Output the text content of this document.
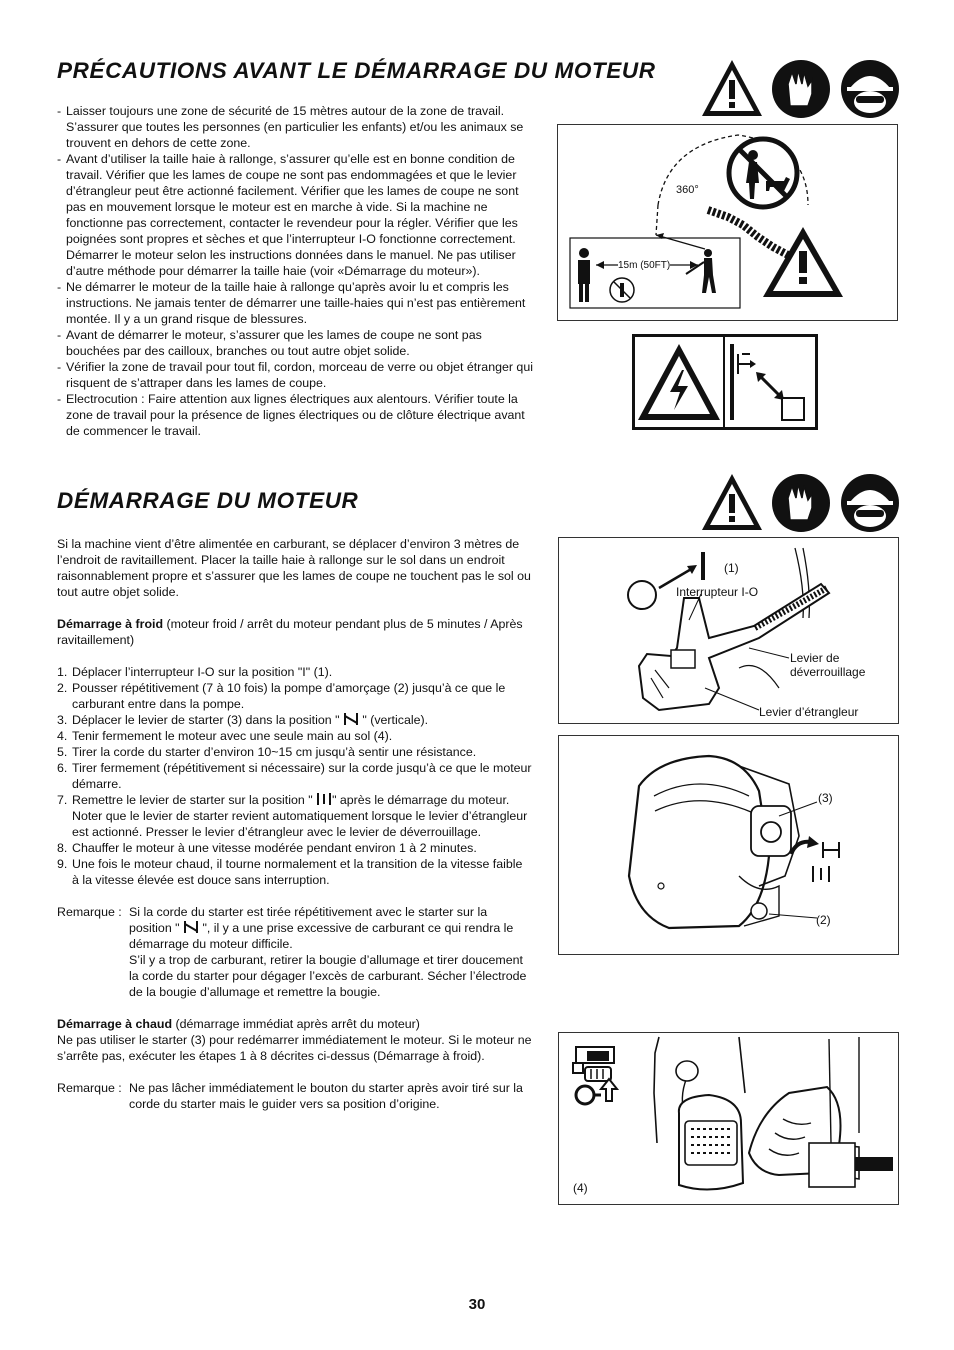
PRÉCAUTIONS AVANT LE DÉMARRAGE DU MOTEUR
- Laisser toujours une zone de sécurité de 15 mètres autour de la zone de travail. S’assurer que toutes les personnes (en particulier les enfants) et/ou les animaux se trouvent en dehors de cette zone.
- Avant d’utiliser la taille haie à rallonge, s’assurer qu’elle est en bonne condition de travail. Vérifier que les lames de coupe ne sont pas endommagées et que le levier d’étrangleur peut être actionné facilement. Vérifier que les lames de coupe ne sont pas en mouvement lorsque le moteur est en marche à vide. Si la machine ne fonctionne pas correctement, contacter le revendeur pour la régler. Vérifier que les poignées sont propres et sèches et que l’interrupteur I-O fonctionne correctement. Démarrer le moteur selon les instructions données dans le manuel. Ne pas utiliser d’autre méthode pour démarrer la taille haie (voir «Démarrage du moteur»).
- Ne démarrer le moteur de la taille haie à rallonge qu’après avoir lu et compris les instructions. Ne jamais tenter de démarrer une taille-haies qui n’est pas entièrement montée. Il y a un grand risque de blessures.
- Avant de démarrer le moteur, s’assurer que les lames de coupe ne sont pas bouchées par des cailloux, branches ou tout autre objet solide.
- Vérifier la zone de travail pour tout fil, cordon, morceau de verre ou objet étranger qui risquent de s’attraper dans les lames de coupe.
- Electrocution : Faire attention aux lignes électriques aux alentours. Vérifier toute la zone de travail pour la présence de lignes électriques ou de clôture électrique avant de commencer le travail.
360°
15m (50FT)
DÉMARRAGE DU MOTEUR

Si la machine vient d’être alimentée en carburant, se déplacer d’environ 3 mètres de l’endroit de ravitaillement. Placer la taille haie à rallonge sur le sol dans un endroit raisonnablement propre et s’assurer que les lames de coupe ne touchent pas le sol ou tout autre objet solide.

Démarrage à froid (moteur froid / arrêt du moteur pendant plus de 5 minutes / Après ravitaillement)

1. Déplacer l’interrupteur I-O sur la position "I" (1).
2. Pousser répétitivement (7 à 10 fois) la pompe d’amorçage (2) jusqu’à ce que le carburant entre dans la pompe.
3. Déplacer le levier de starter (3) dans la position "  " (verticale).
4. Tenir fermement le moteur avec une seule main au sol (4).
5. Tirer la corde du starter d’environ 10~15 cm jusqu’à sentir une résistance.
6. Tirer fermement (répétitivement si nécessaire) sur la corde jusqu’à ce que le moteur démarre.
7. Remettre le levier de starter sur la position " " après le démarrage du moteur. Noter que le levier de starter revient automatiquement lorsque le levier d’étrangleur est actionné. Presser le levier d’étrangleur avec le levier de déverrouillage.
8. Chauffer le moteur à une vitesse modérée pendant environ 1 à 2 minutes.
9. Une fois le moteur chaud, il tourne normalement et la transition de la vitesse faible à la vitesse élevée est douce sans interruption.
Remarque : Si la corde du starter est tirée répétitivement avec le starter sur la position "  ", il y a une prise excessive de carburant ce qui rendra le démarrage du moteur difficile.

S’il y a trop de carburant, retirer la bougie d’allumage et tirer doucement la corde du starter pour dégager l’excès de carburant. Sécher l’électrode de la bougie d’allumage et remettre la bougie.

Démarrage à chaud (démarrage immédiat après arrêt du moteur)

Ne pas utiliser le starter (3) pour redémarrer immédiatement le moteur. Si le moteur ne s’arrête pas, exécuter les étapes 1 à 8 décrites ci-dessus (Démarrage à froid).

Remarque : Ne pas lâcher immédiatement le bouton du starter après avoir tiré sur la corde du starter mais le guider vers sa position d’origine.
(1)
Interrupteur I-O
Levier de déverrouillage
Levier d’étrangleur
(3)
(2)
(4)
30
